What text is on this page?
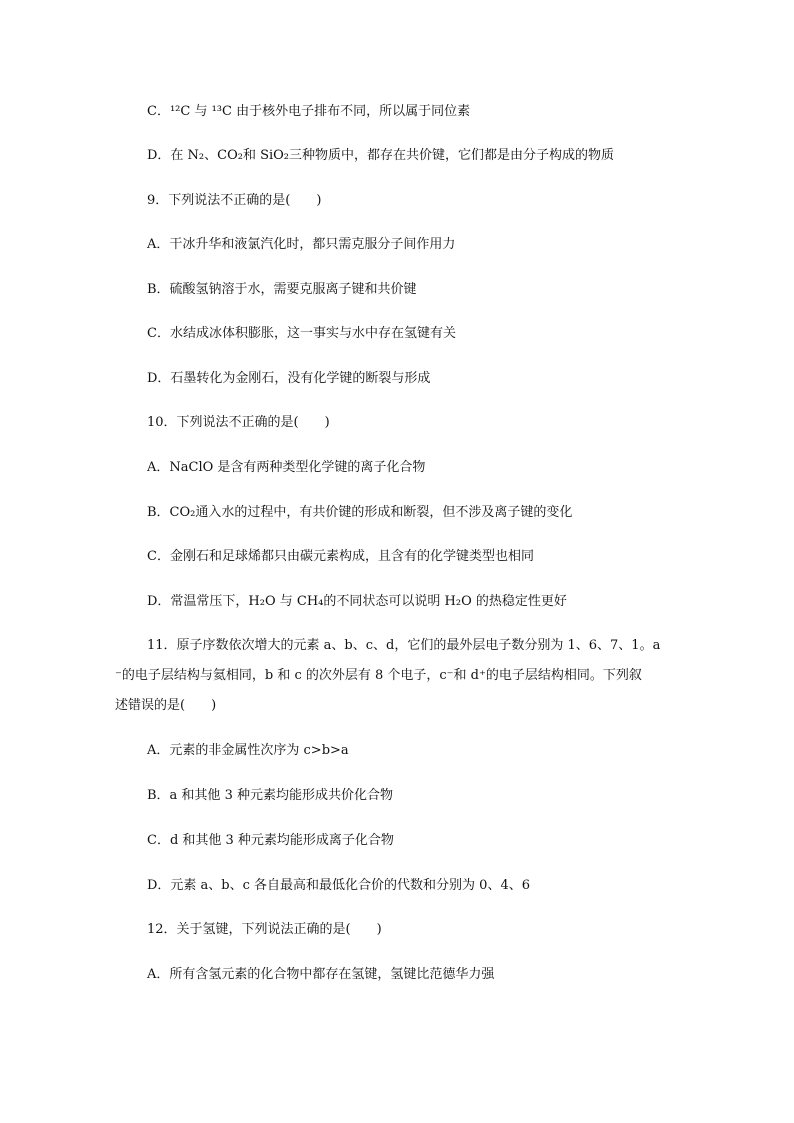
C．¹²C 与 ¹³C 由于核外电子排布不同，所以属于同位素
D．在 N₂、CO₂和 SiO₂三种物质中，都存在共价键，它们都是由分子构成的物质
9．下列说法不正确的是(　　)
A．干冰升华和液氯汽化时，都只需克服分子间作用力
B．硫酸氢钠溶于水，需要克服离子键和共价键
C．水结成冰体积膨胀，这一事实与水中存在氢键有关
D．石墨转化为金刚石，没有化学键的断裂与形成
10．下列说法不正确的是(　　)
A．NaClO 是含有两种类型化学键的离子化合物
B．CO₂通入水的过程中，有共价键的形成和断裂，但不涉及离子键的变化
C．金刚石和足球烯都只由碳元素构成，且含有的化学键类型也相同
D．常温常压下，H₂O 与 CH₄的不同状态可以说明 H₂O 的热稳定性更好
11．原子序数依次增大的元素 a、b、c、d，它们的最外层电子数分别为 1、6、7、1。a
⁻的电子层结构与氦相同，b 和 c 的次外层有 8 个电子，c⁻和 d⁺的电子层结构相同。下列叙
述错误的是(　　)
A．元素的非金属性次序为 c>b>a
B．a 和其他 3 种元素均能形成共价化合物
C．d 和其他 3 种元素均能形成离子化合物
D．元素 a、b、c 各自最高和最低化合价的代数和分别为 0、4、6
12．关于氢键，下列说法正确的是(　　)
A．所有含氢元素的化合物中都存在氢键，氢键比范德华力强
